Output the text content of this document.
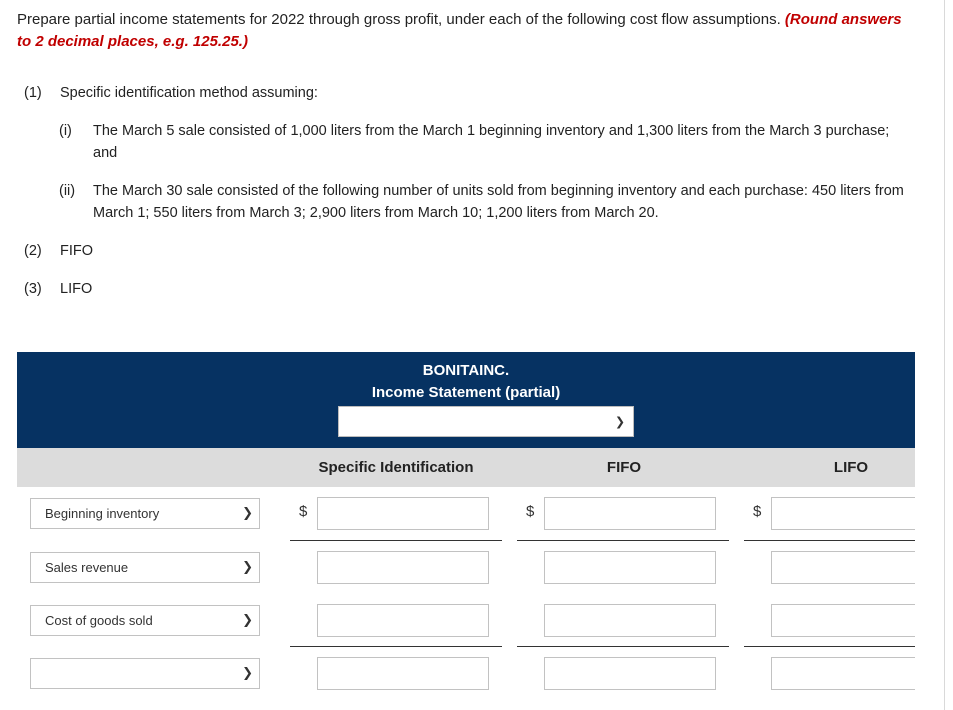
Prepare partial income statements for 2022 through gross profit, under each of the following cost flow assumptions. (Round answers to 2 decimal places, e.g. 125.25.)
(1) Specific identification method assuming:
(i) The March 5 sale consisted of 1,000 liters from the March 1 beginning inventory and 1,300 liters from the March 3 purchase; and
(ii) The March 30 sale consisted of the following number of units sold from beginning inventory and each purchase: 450 liters from March 1; 550 liters from March 3; 2,900 liters from March 10; 1,200 liters from March 20.
(2) FIFO
(3) LIFO
BONITAINC.
Income Statement (partial)
❯
Specific Identification	FIFO	LIFO
Beginning inventory	❯	$	$	$
Sales revenue	❯
Cost of goods sold	❯
❯
